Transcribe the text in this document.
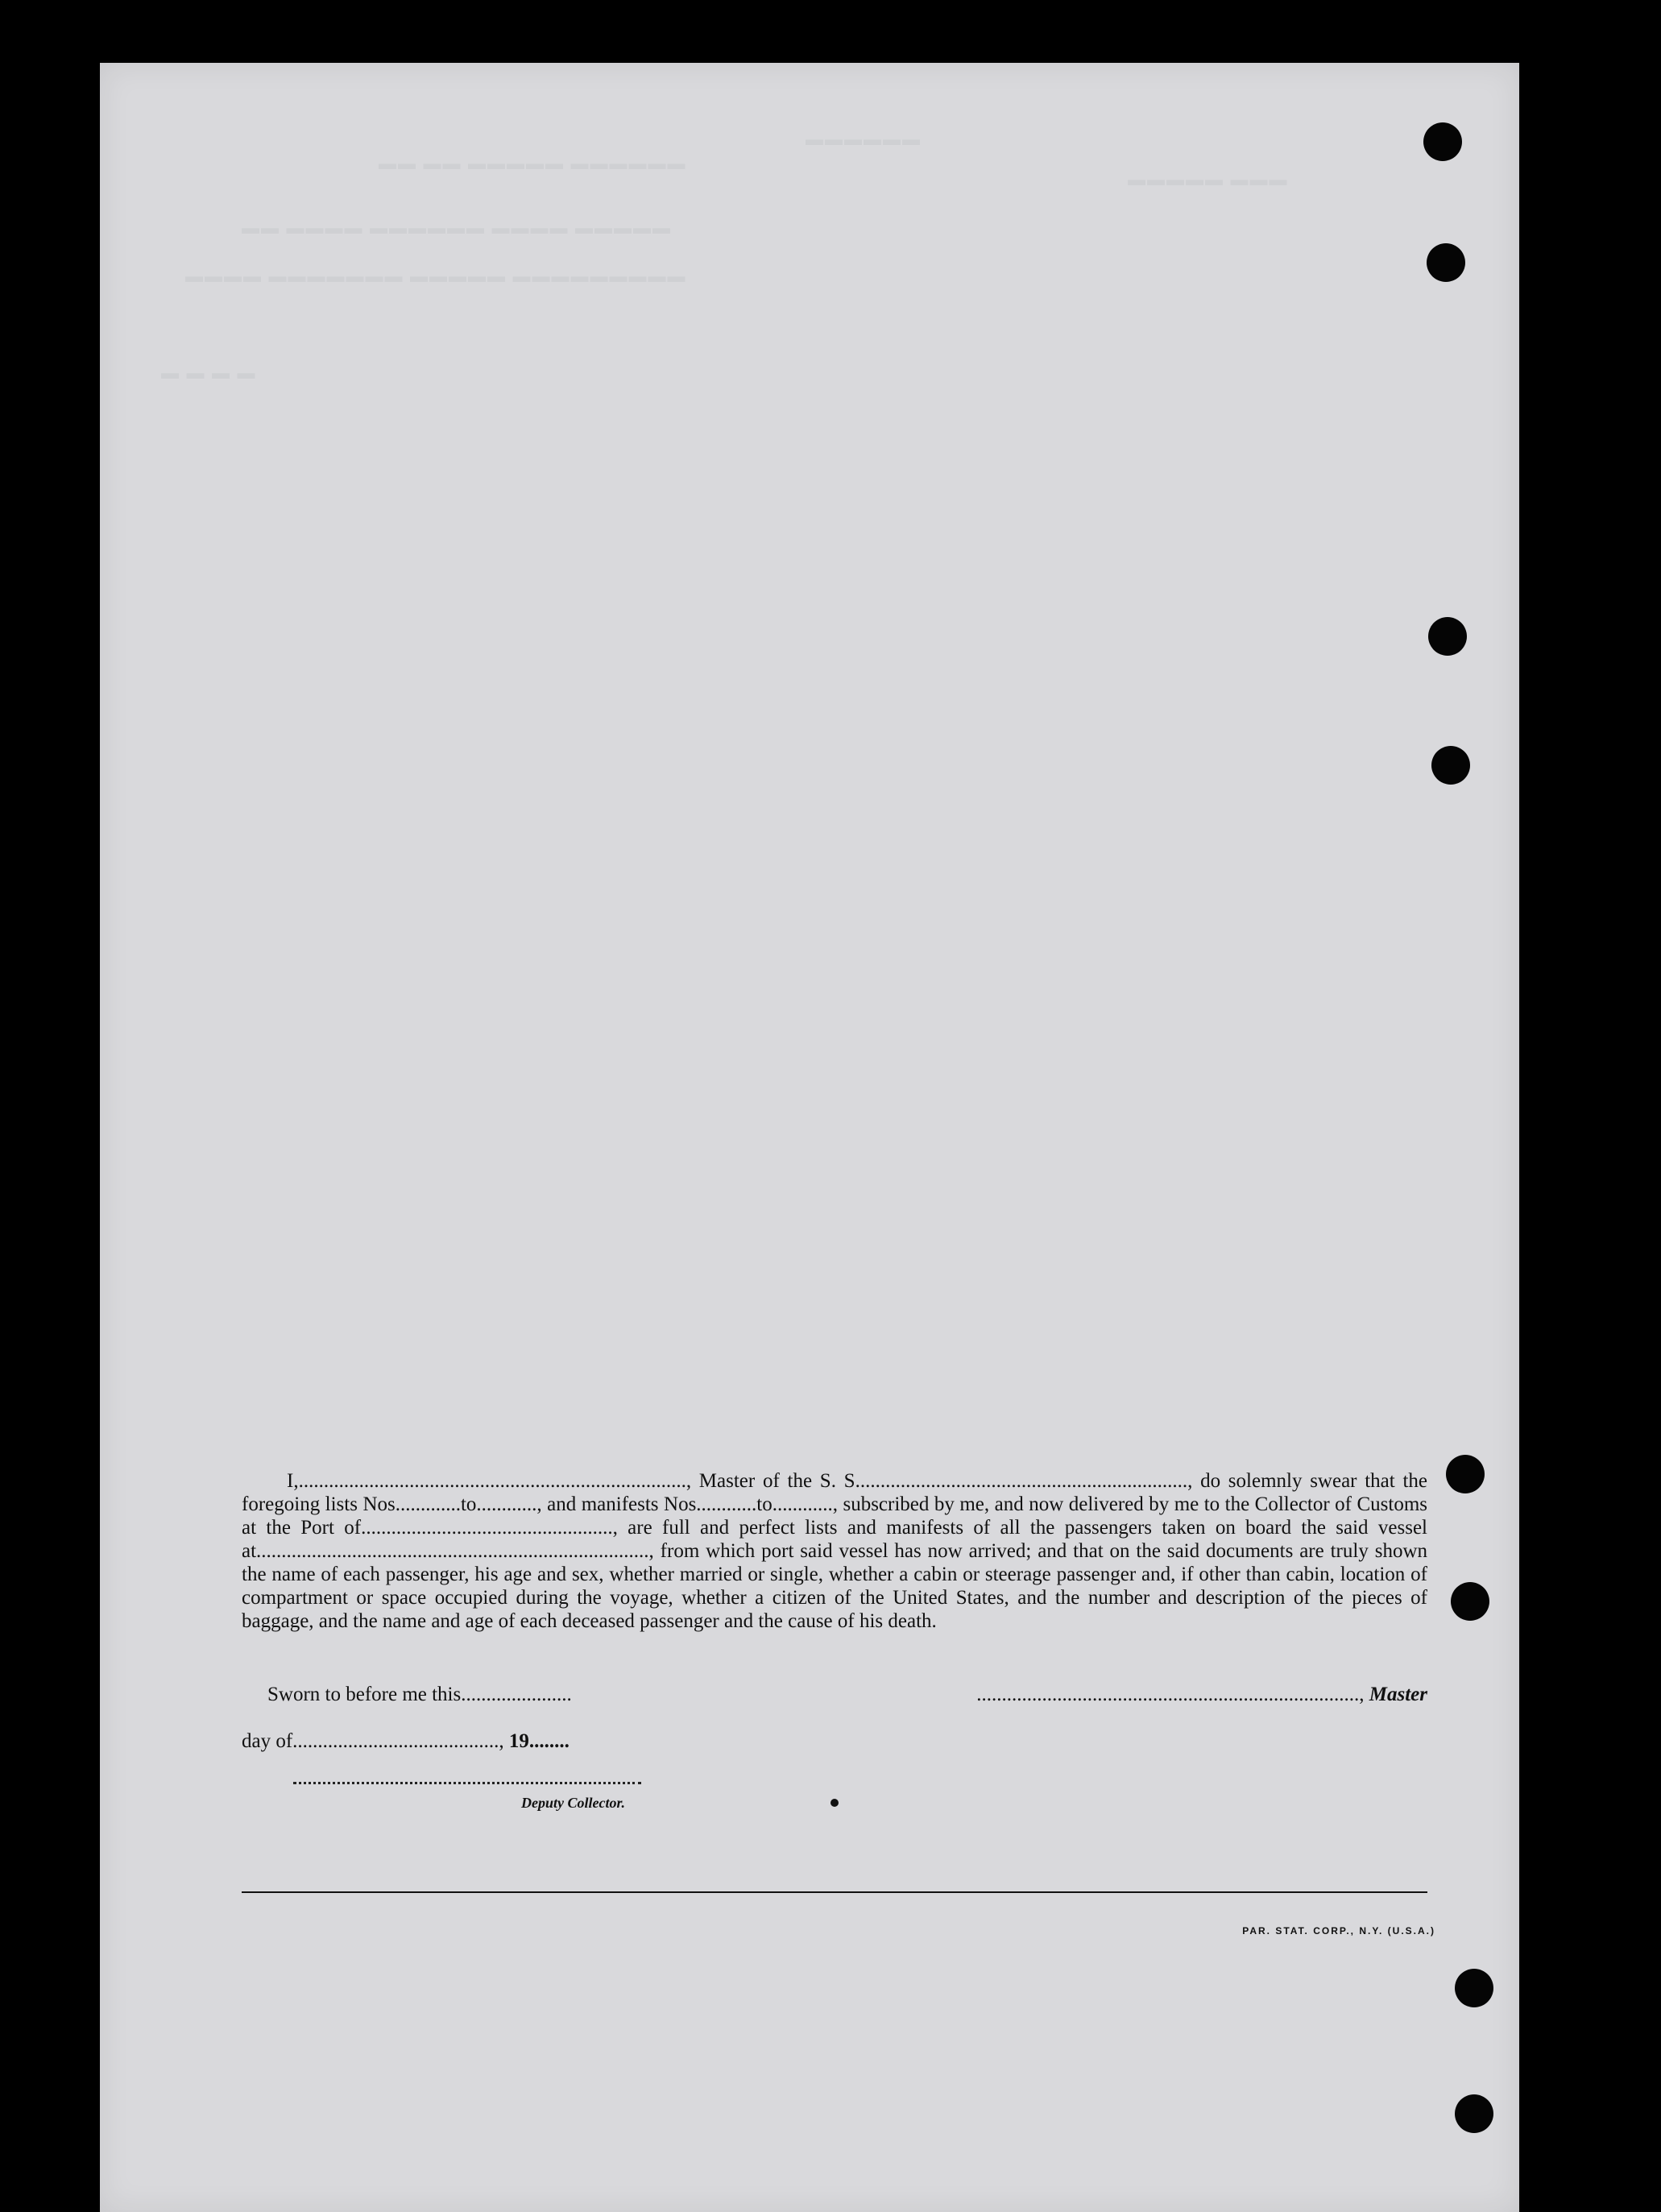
▬▬ ▬▬ ▬▬▬▬▬ ▬▬▬▬▬▬
▬▬▬▬▬▬
▬▬▬▬▬ ▬▬▬
▬▬ ▬▬▬▬ ▬▬▬▬▬▬ ▬▬▬▬ ▬▬▬▬▬
▬▬▬▬ ▬▬▬▬▬▬▬ ▬▬▬▬▬ ▬▬▬▬▬▬▬▬▬
▬ ▬ ▬ ▬

I,............................................................................., Master of the S. S.................................................................., do solemnly swear that the foregoing lists Nos.............to............, and manifests Nos............to............, subscribed by me, and now delivered by me to the Collector of Customs at the Port of.................................................., are full and perfect lists and manifests of all the passengers taken on board the said vessel at.............................................................................., from which port said vessel has now arrived; and that on the said documents are truly shown the name of each passenger, his age and sex, whether married or single, whether a cabin or steerage passenger and, if other than cabin, location of compartment or space occupied during the voyage, whether a citizen of the United States, and the number and description of the pieces of baggage, and the name and age of each deceased passenger and the cause of his death.

Sworn to before me this......................	............................................................................, Master
day of........................................., 19........
Deputy Collector.
PAR. STAT. CORP., N.Y. (U.S.A.)
